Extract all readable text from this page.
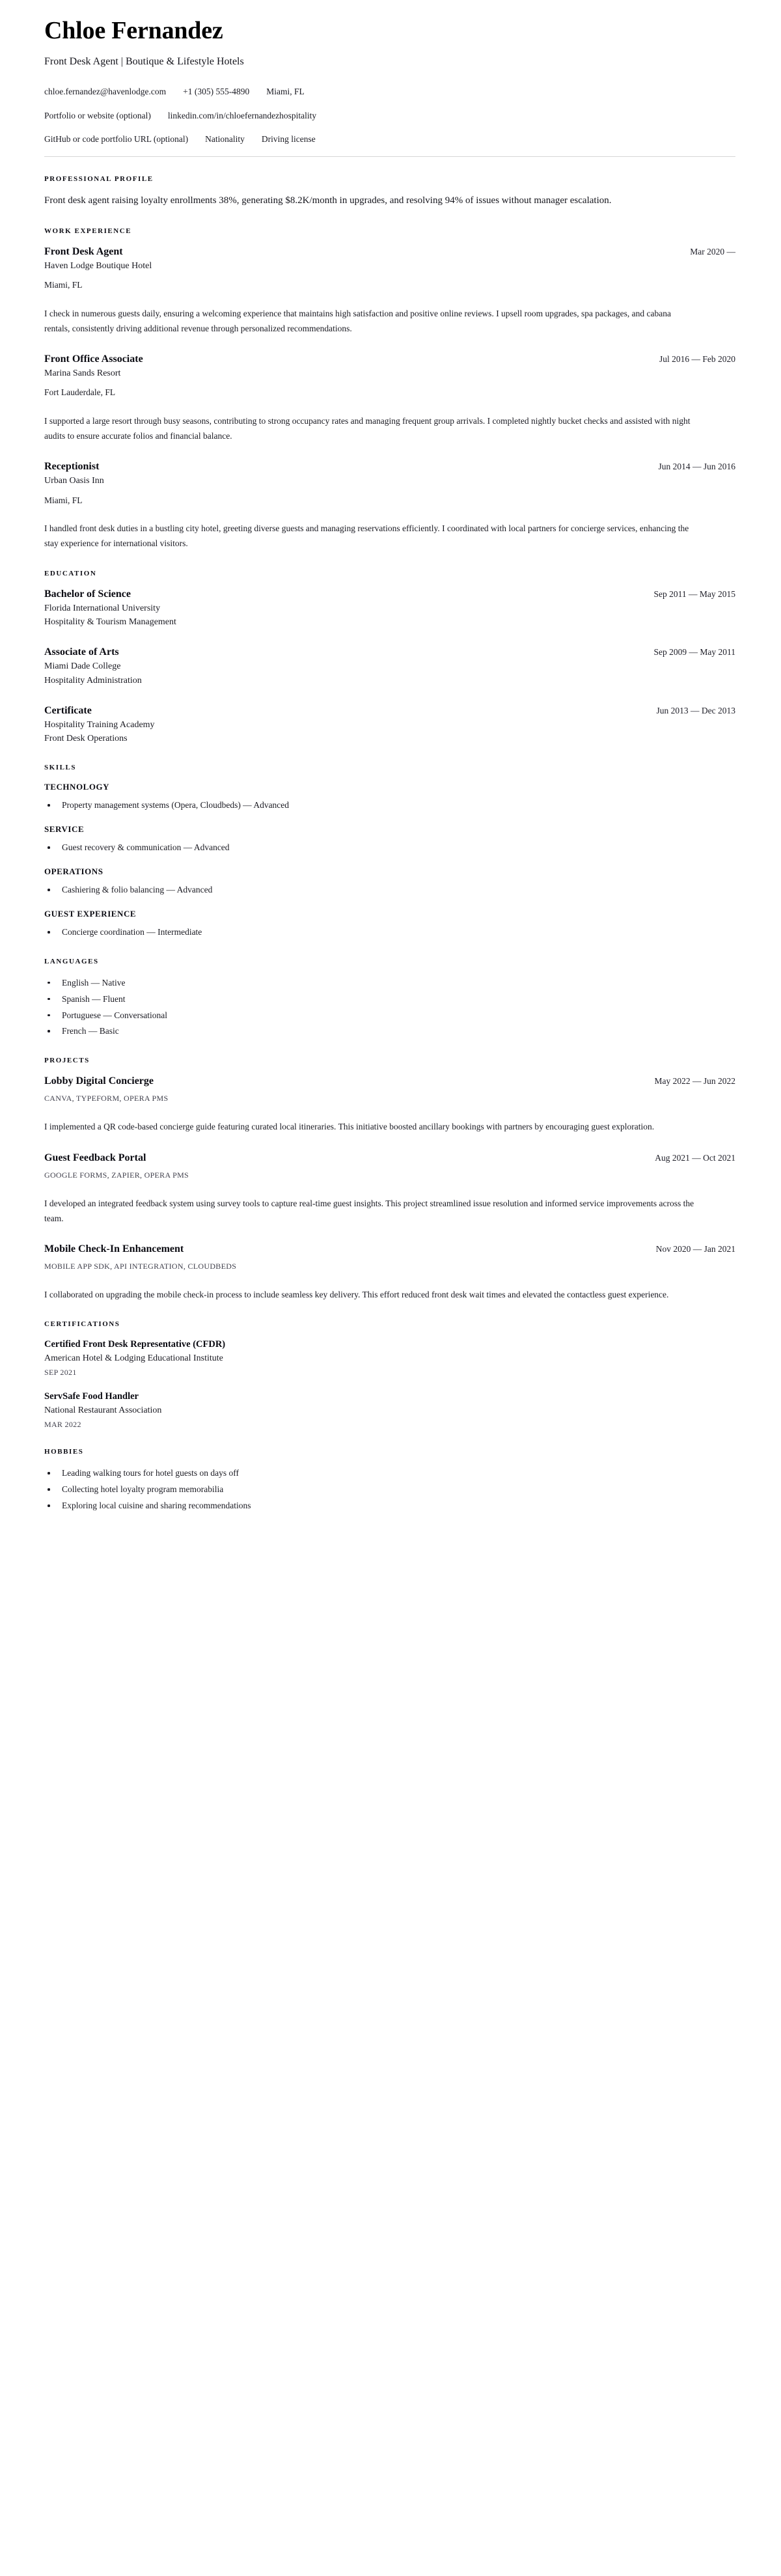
Chloe Fernandez
Front Desk Agent | Boutique & Lifestyle Hotels
chloe.fernandez@havenlodge.com +1 (305) 555-4890 Miami, FL
Portfolio or website (optional) linkedin.com/in/chloefernandezhospitality
GitHub or code portfolio URL (optional) Nationality Driving license
PROFESSIONAL PROFILE

Front desk agent raising loyalty enrollments 38%, generating $8.2K/month in upgrades, and resolving 94% of issues without manager escalation.

WORK EXPERIENCE
Front Desk Agent	Mar 2020 —
Haven Lodge Boutique Hotel
Miami, FL

I check in numerous guests daily, ensuring a welcoming experience that maintains high satisfaction and positive online reviews. I upsell room upgrades, spa packages, and cabana rentals, consistently driving additional revenue through personalized recommendations.

Front Office Associate	Jul 2016 — Feb 2020
Marina Sands Resort
Fort Lauderdale, FL

I supported a large resort through busy seasons, contributing to strong occupancy rates and managing frequent group arrivals. I completed nightly bucket checks and assisted with night audits to ensure accurate folios and financial balance.

Receptionist	Jun 2014 — Jun 2016
Urban Oasis Inn
Miami, FL

I handled front desk duties in a bustling city hotel, greeting diverse guests and managing reservations efficiently. I coordinated with local partners for concierge services, enhancing the stay experience for international visitors.

EDUCATION
Bachelor of Science	Sep 2011 — May 2015
Florida International University
Hospitality & Tourism Management
Associate of Arts	Sep 2009 — May 2011
Miami Dade College
Hospitality Administration
Certificate	Jun 2013 — Dec 2013
Hospitality Training Academy
Front Desk Operations
SKILLS
TECHNOLOGY
Property management systems (Opera, Cloudbeds) — Advanced
SERVICE
Guest recovery & communication — Advanced
OPERATIONS
Cashiering & folio balancing — Advanced
GUEST EXPERIENCE
Concierge coordination — Intermediate
LANGUAGES
English — Native
Spanish — Fluent
Portuguese — Conversational
French — Basic
PROJECTS
Lobby Digital Concierge	May 2022 — Jun 2022
CANVA, TYPEFORM, OPERA PMS

I implemented a QR code-based concierge guide featuring curated local itineraries. This initiative boosted ancillary bookings with partners by encouraging guest exploration.

Guest Feedback Portal	Aug 2021 — Oct 2021
GOOGLE FORMS, ZAPIER, OPERA PMS

I developed an integrated feedback system using survey tools to capture real-time guest insights. This project streamlined issue resolution and informed service improvements across the team.

Mobile Check-In Enhancement	Nov 2020 — Jan 2021
MOBILE APP SDK, API INTEGRATION, CLOUDBEDS

I collaborated on upgrading the mobile check-in process to include seamless key delivery. This effort reduced front desk wait times and elevated the contactless guest experience.

CERTIFICATIONS
Certified Front Desk Representative (CFDR)
American Hotel & Lodging Educational Institute
SEP 2021
ServSafe Food Handler
National Restaurant Association
MAR 2022
HOBBIES
Leading walking tours for hotel guests on days off
Collecting hotel loyalty program memorabilia
Exploring local cuisine and sharing recommendations
